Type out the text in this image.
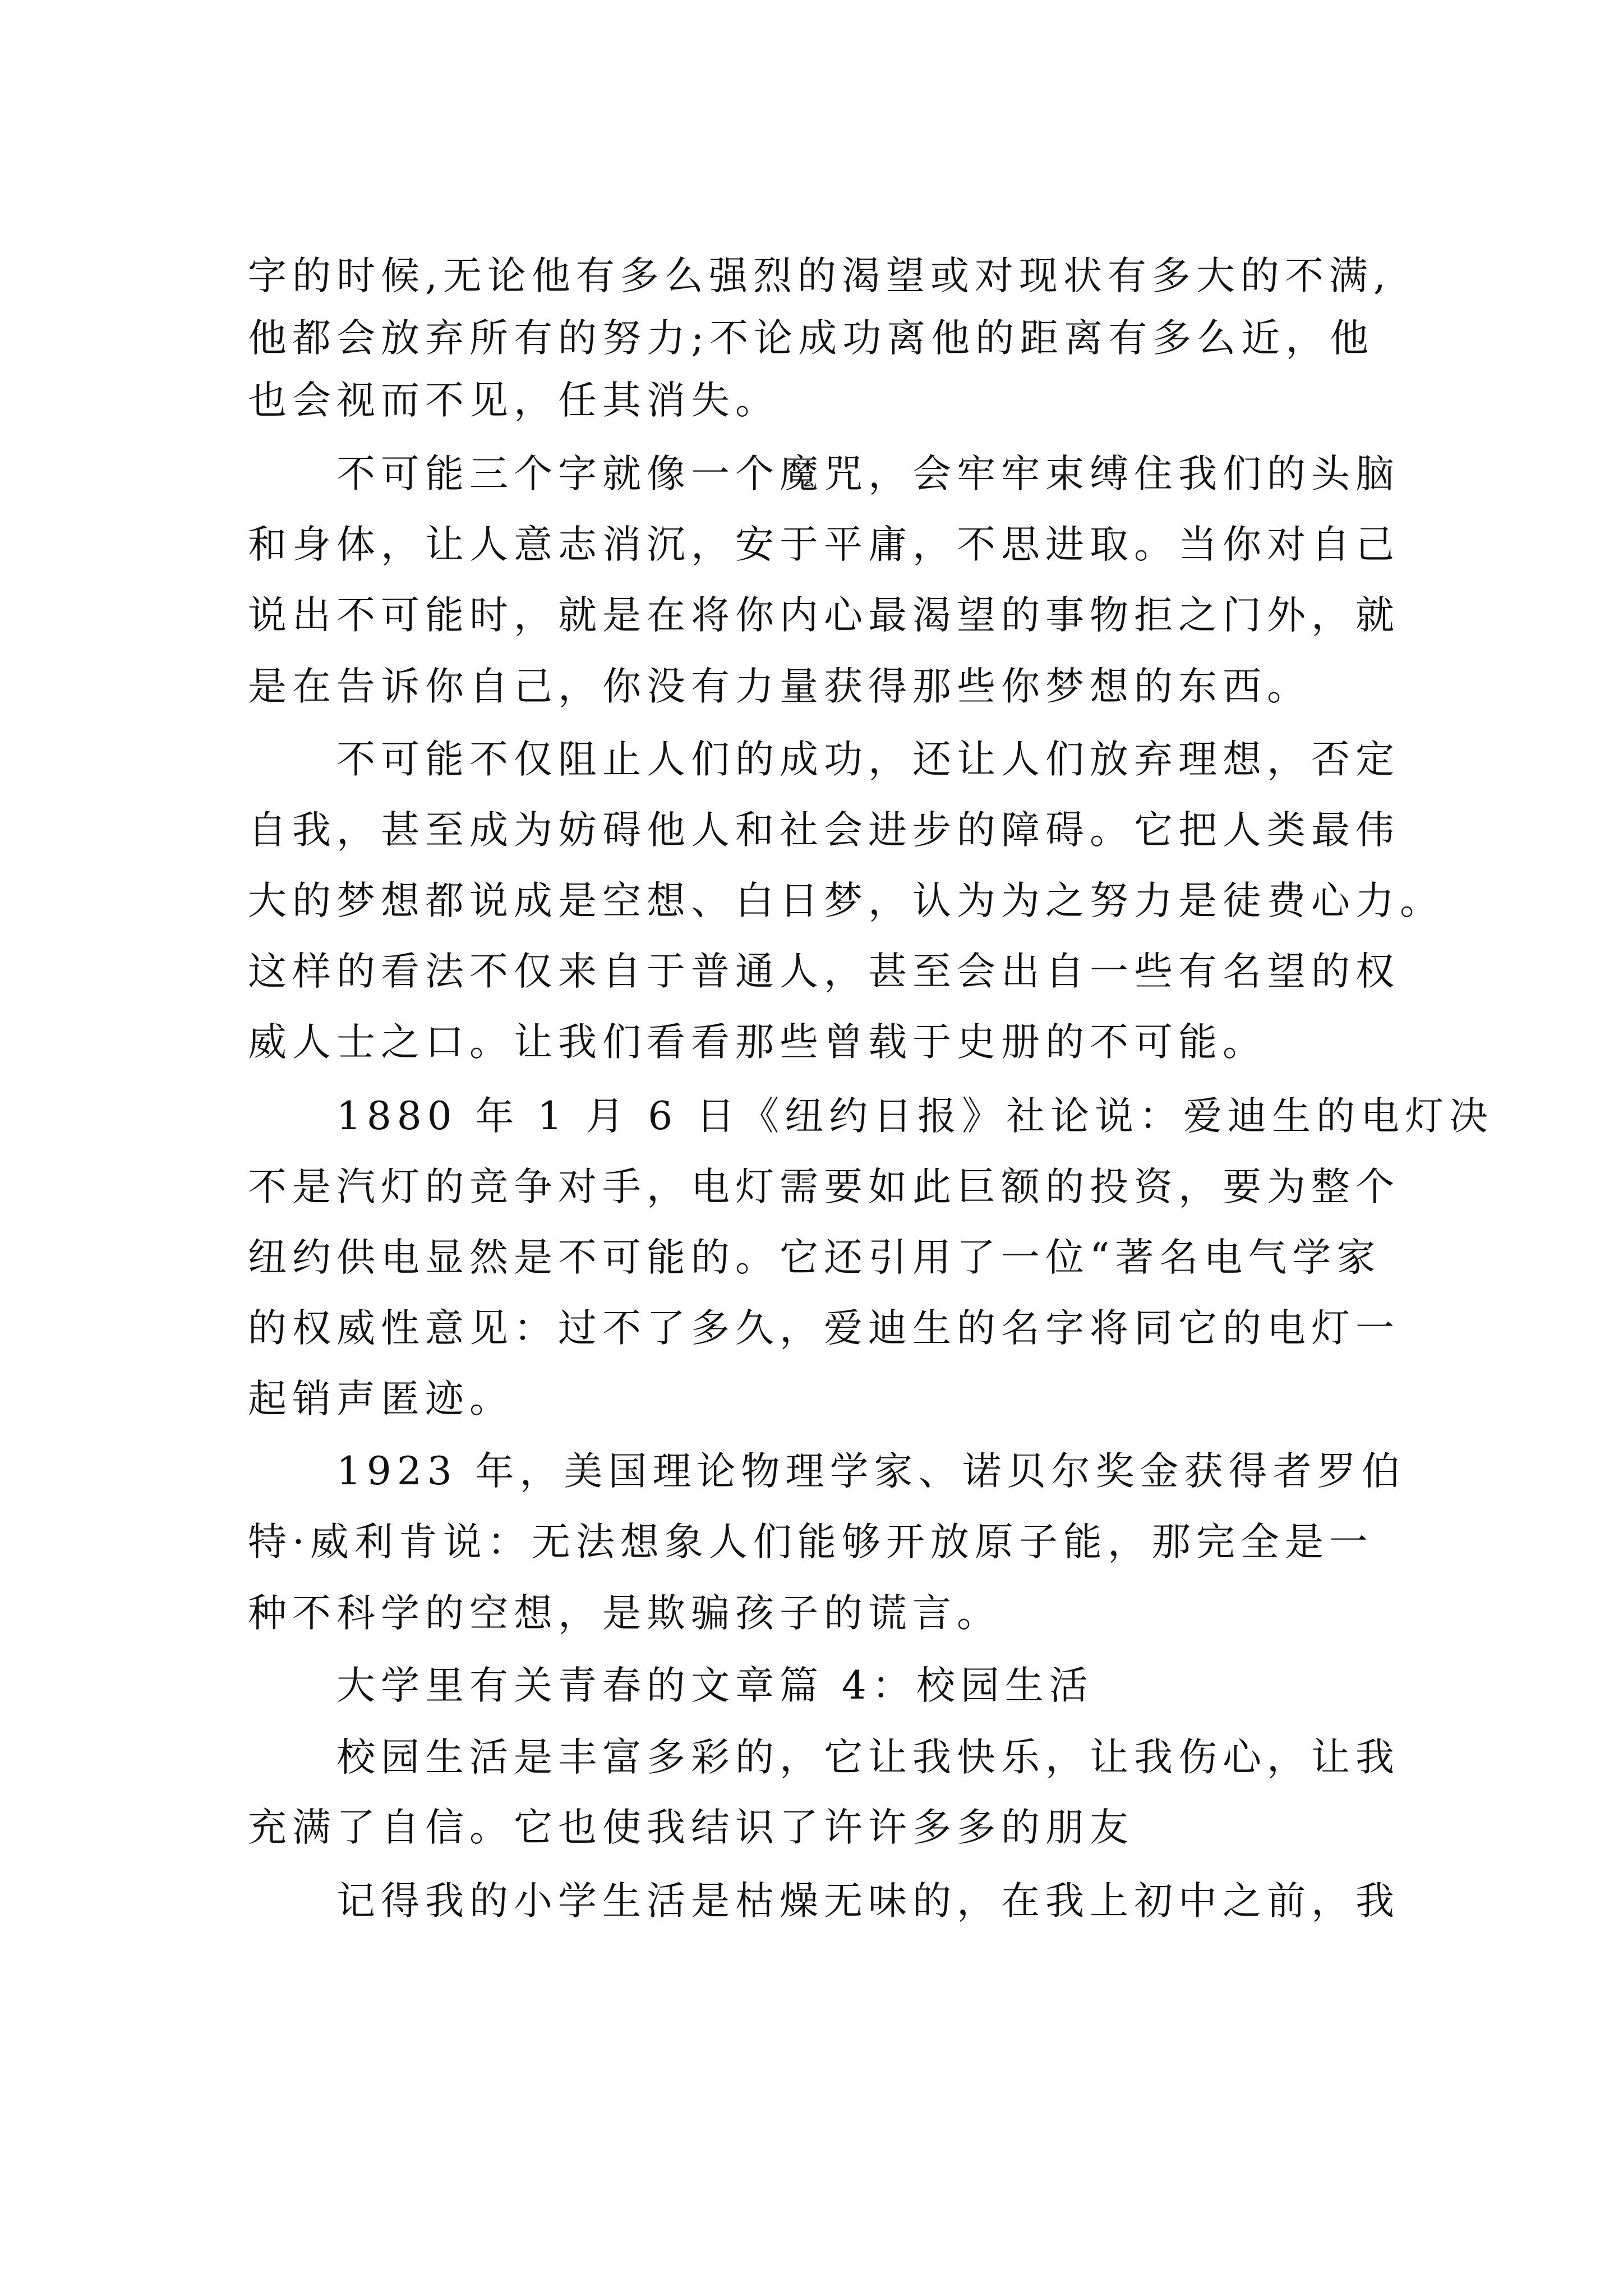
字的时候,无论他有多么强烈的渴望或对现状有多大的不满,

他都会放弃所有的努力;不论成功离他的距离有多么近，他

也会视而不见，任其消失。

不可能三个字就像一个魔咒，会牢牢束缚住我们的头脑

和身体，让人意志消沉，安于平庸，不思进取。当你对自己

说出不可能时，就是在将你内心最渴望的事物拒之门外，就

是在告诉你自己，你没有力量获得那些你梦想的东西。

不可能不仅阻止人们的成功，还让人们放弃理想，否定

自我，甚至成为妨碍他人和社会进步的障碍。它把人类最伟

大的梦想都说成是空想、白日梦，认为为之努力是徒费心力。

这样的看法不仅来自于普通人，甚至会出自一些有名望的权

威人士之口。让我们看看那些曾载于史册的不可能。

1880 年 1 月 6 日《纽约日报》社论说：爱迪生的电灯决

不是汽灯的竞争对手，电灯需要如此巨额的投资，要为整个

纽约供电显然是不可能的。它还引用了一位“著名电气学家

的权威性意见：过不了多久，爱迪生的名字将同它的电灯一

起销声匿迹。

1923 年，美国理论物理学家、诺贝尔奖金获得者罗伯

特·威利肯说：无法想象人们能够开放原子能，那完全是一

种不科学的空想，是欺骗孩子的谎言。

大学里有关青春的文章篇 4：校园生活

校园生活是丰富多彩的，它让我快乐，让我伤心，让我

充满了自信。它也使我结识了许许多多的朋友

记得我的小学生活是枯燥无味的，在我上初中之前，我
